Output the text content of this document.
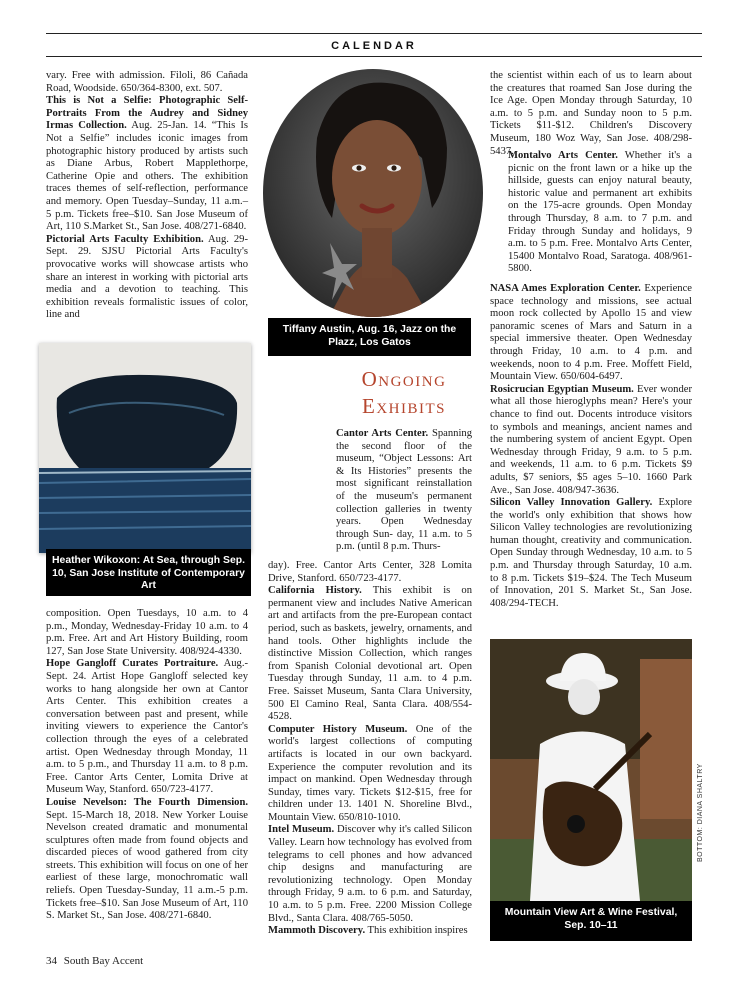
CALENDAR

vary. Free with admission. Filoli, 86 Cañada Road, Woodside. 650/364-8300, ext. 507.

This is Not a Selfie: Photographic Self-Portraits From the Audrey and Sidney Irmas Collection. Aug. 25-Jan. 14. “This Is Not a Selfie” includes iconic images from photographic history produced by artists such as Diane Arbus, Robert Mapplethorpe, Catherine Opie and others. The exhibition traces themes of self-reflection, performance and memory. Open Tuesday–Sunday, 11 a.m.–5 p.m. Tickets free–$10. San Jose Museum of Art, 110 S.Market St., San Jose. 408/271-6840.

Pictorial Arts Faculty Exhibition. Aug. 29-Sept. 29. SJSU Pictorial Arts Faculty's provocative works will showcase artists who share an interest in working with pictorial arts media and a devotion to teaching. This exhibition reveals formalistic issues of color, line and

Tiffany Austin, Aug. 16, Jazz on the Plazz, Los Gatos
Heather Wikoxon: At Sea, through Sep. 10, San Jose Institute of Contemporary Art

composition. Open Tuesdays, 10 a.m. to 4 p.m., Monday, Wednesday-Friday 10 a.m. to 4 p.m. Free. Art and Art History Building, room 127, San Jose State University. 408/924-4330.

Hope Gangloff Curates Portraiture. Aug.-Sept. 24. Artist Hope Gangloff selected key works to hang alongside her own at Cantor Arts Center. This exhibition creates a conversation between past and present, while inviting viewers to experience the Cantor's collection through the eyes of a celebrated artist. Open Wednesday through Monday, 11 a.m. to 5 p.m., and Thursday 11 a.m. to 8 p.m. Free. Cantor Arts Center, Lomita Drive at Museum Way, Stanford. 650/723-4177.

Louise Nevelson: The Fourth Dimension. Sept. 15-March 18, 2018. New Yorker Louise Nevelson created dramatic and monumental sculptures often made from found objects and discarded pieces of wood gathered from city streets. This exhibition will focus on one of her earliest of these large, monochromatic wall reliefs. Open Tuesday-Sunday, 11 a.m.-5 p.m. Tickets free–$10. San Jose Museum of Art, 110 S. Market St., San Jose. 408/271-6840.

Ongoing
Exhibits

Cantor Arts Center. Spanning the second floor of the museum, “Object Lessons: Art & Its Histories” presents the most significant reinstallation of the museum's permanent collection galleries in twenty years. Open Wednesday through Sun- day, 11 a.m. to 5 p.m. (until 8 p.m. Thurs-

day). Free. Cantor Arts Center, 328 Lomita Drive, Stanford. 650/723-4177.

California History. This exhibit is on permanent view and includes Native American art and artifacts from the pre-European contact period, such as baskets, jewelry, ornaments, and hand tools. Other highlights include the distinctive Mission Collection, which ranges from Spanish Colonial devotional art. Open Tuesday through Sunday, 11 a.m. to 4 p.m. Free. Saisset Museum, Santa Clara University, 500 El Camino Real, Santa Clara. 408/554-4528.

Computer History Museum. One of the world's largest collections of computing artifacts is located in our own backyard. Experience the computer revolution and its impact on mankind. Open Wednesday through Sunday, times vary. Tickets $12-$15, free for children under 13. 1401 N. Shoreline Blvd., Mountain View. 650/810-1010.

Intel Museum. Discover why it's called Silicon Valley. Learn how technology has evolved from telegrams to cell phones and how advanced chip designs and manufacturing are revolutionizing technology. Open Monday through Friday, 9 a.m. to 6 p.m. and Saturday, 10 a.m. to 5 p.m. Free. 2200 Mission College Blvd., Santa Clara. 408/765-5050.

Mammoth Discovery. This exhibition inspires

the scientist within each of us to learn about the creatures that roamed San Jose during the Ice Age. Open Monday through Saturday, 10 a.m. to 5 p.m. and Sunday noon to 5 p.m. Tickets $11-$12. Children's Discovery Museum, 180 Woz Way, San Jose. 408/298-5437.

Montalvo Arts Center. Whether it's a picnic on the front lawn or a hike up the hillside, guests can enjoy natural beauty, historic value and permanent art exhibits on the 175-acre grounds. Open Monday through Thursday, 8 a.m. to 7 p.m. and Friday through Sunday and holidays, 9 a.m. to 5 p.m. Free. Montalvo Arts Center, 15400 Montalvo Road, Saratoga. 408/961-5800.

NASA Ames Exploration Center. Experience space technology and missions, see actual moon rock collected by Apollo 15 and view panoramic scenes of Mars and Saturn in a special immersive theater. Open Wednesday through Friday, 10 a.m. to 4 p.m. and weekends, noon to 4 p.m. Free. Moffett Field, Mountain View. 650/604-6497.

Rosicrucian Egyptian Museum. Ever wonder what all those hieroglyphs mean? Here's your chance to find out. Docents introduce visitors to symbols and meanings, ancient names and the numbering system of ancient Egypt. Open Wednesday through Friday, 9 a.m. to 5 p.m. and weekends, 11 a.m. to 6 p.m. Tickets $9 adults, $7 seniors, $5 ages 5–10. 1660 Park Ave., San Jose. 408/947-3636.

Silicon Valley Innovation Gallery. Explore the world's only exhibition that shows how Silicon Valley technologies are revolutionizing human thought, creativity and communication. Open Sunday through Wednesday, 10 a.m. to 5 p.m. and Thursday through Saturday, 10 a.m. to 8 p.m. Tickets $19–$24. The Tech Museum of Innovation, 201 S. Market St., San Jose. 408/294-TECH.

Mountain View Art & Wine Festival, Sep. 10–11
BOTTOM: DIANA SHALTRY
34 South Bay Accent
